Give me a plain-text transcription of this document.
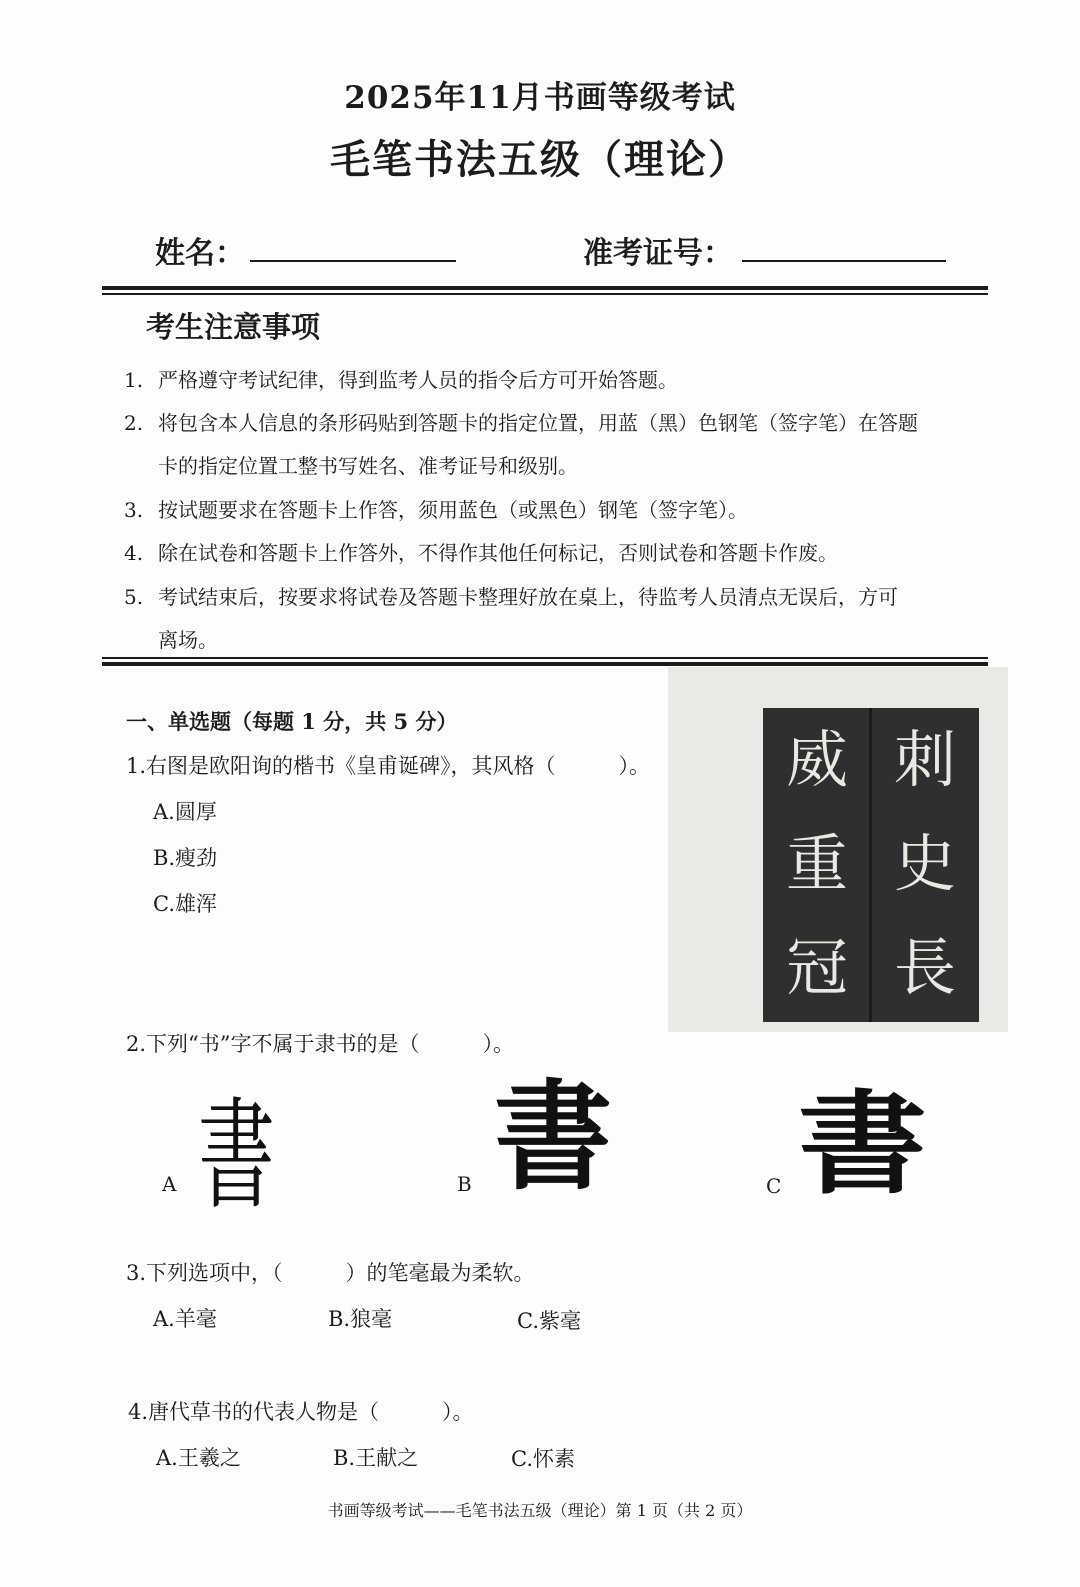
2025年11月书画等级考试
毛笔书法五级（理论）
姓名：	准考证号：
考生注意事项
1. 严格遵守考试纪律，得到监考人员的指令后方可开始答题。
2. 将包含本人信息的条形码贴到答题卡的指定位置，用蓝（黑）色钢笔（签字笔）在答题
卡的指定位置工整书写姓名、准考证号和级别。
3. 按试题要求在答题卡上作答，须用蓝色（或黑色）钢笔（签字笔）。
4. 除在试卷和答题卡上作答外，不得作其他任何标记，否则试卷和答题卡作废。
5. 考试结束后，按要求将试卷及答题卡整理好放在桌上，待监考人员清点无误后，方可
离场。
威
重
冠
刺
史
長
一、单选题（每题 1 分，共 5 分）
1.右图是欧阳询的楷书《皇甫诞碑》，其风格（　　　）。
A.圆厚
B.瘦劲
C.雄浑
2.下列“书”字不属于隶书的是（　　　）。
A 書	B 書	C 書
3.下列选项中，（　　　）的笔毫最为柔软。
A.羊毫	B.狼毫	C.紫毫
4.唐代草书的代表人物是（　　　）。
A.王羲之	B.王献之	C.怀素
书画等级考试——毛笔书法五级（理论）第 1 页（共 2 页）
